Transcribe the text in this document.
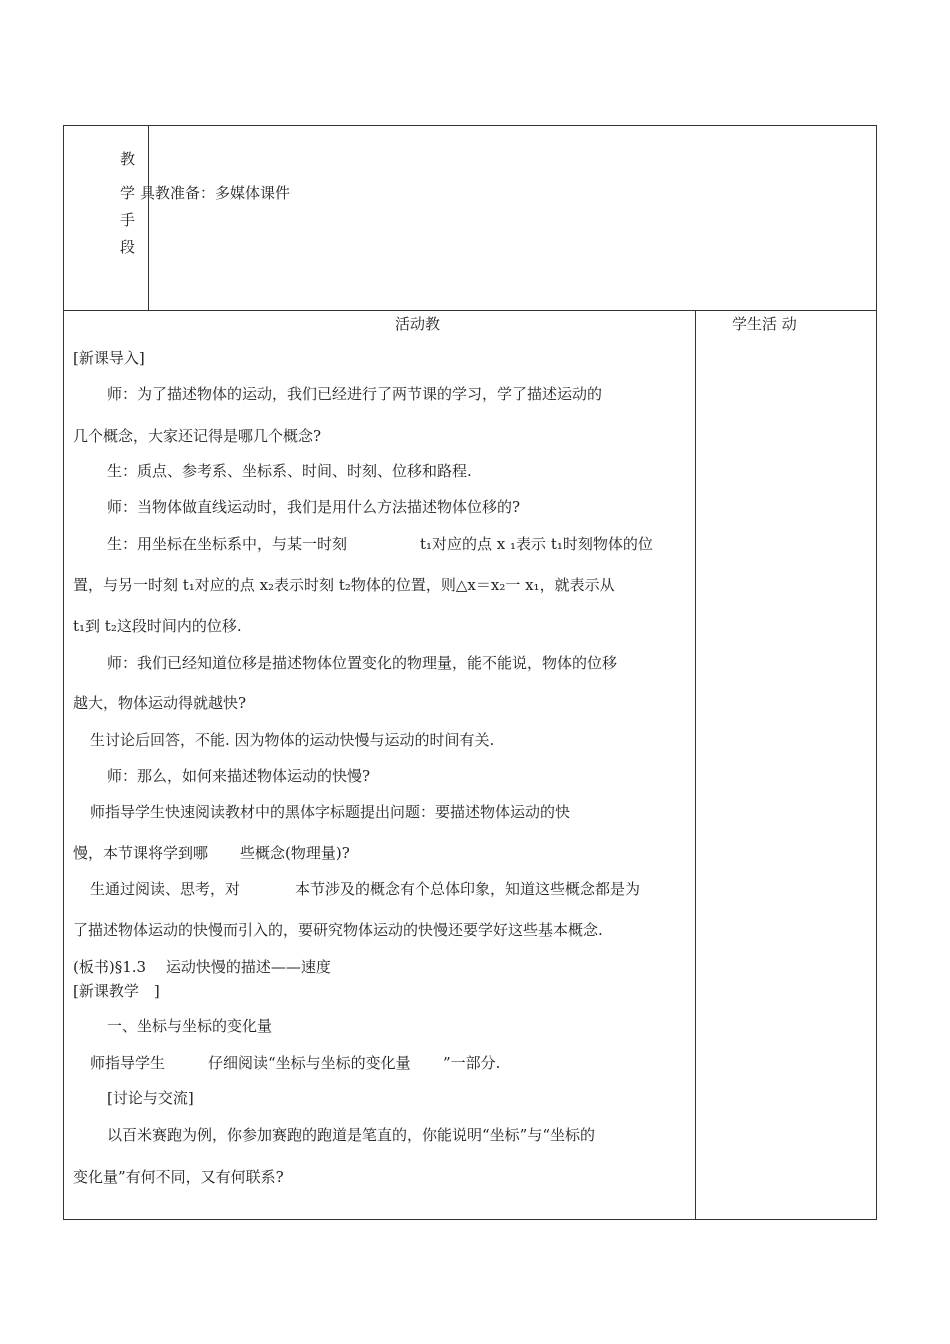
教
学
手
段
具教准备：多媒体课件
活动教	学生活 动
[新课导入]
师：为了描述物体的运动，我们已经进行了两节课的学习，学了描述运动的
几个概念，大家还记得是哪几个概念?
生：质点、参考系、坐标系、时间、时刻、位移和路程.
师：当物体做直线运动时，我们是用什么方法描述物体位移的?
生：用坐标在坐标系中，与某一时刻	t₁对应的点 x ₁表示 t₁时刻物体的位
置，与另一时刻 t₁对应的点 x₂表示时刻 t₂物体的位置，则△x＝x₂一 x₁，就表示从
t₁到 t₂这段时间内的位移.
师：我们已经知道位移是描述物体位置变化的物理量，能不能说，物体的位移
越大，物体运动得就越快?
生讨论后回答，不能. 因为物体的运动快慢与运动的时间有关.
师：那么，如何来描述物体运动的快慢?
师指导学生快速阅读教材中的黑体字标题提出问题：要描述物体运动的快
慢，本节课将学到哪 些概念(物理量)?
生通过阅读、思考，对	本节涉及的概念有个总体印象，知道这些概念都是为
了描述物体运动的快慢而引入的，要研究物体运动的快慢还要学好这些基本概念.
(板书)§1.3　 运动快慢的描述——速度
[新课教学　]
一、坐标与坐标的变化量
师指导学生	仔细阅读“坐标与坐标的变化量 ”一部分.
[讨论与交流]
以百米赛跑为例，你参加赛跑的跑道是笔直的，你能说明“坐标”与“坐标的
变化量”有何不同，又有何联系?
